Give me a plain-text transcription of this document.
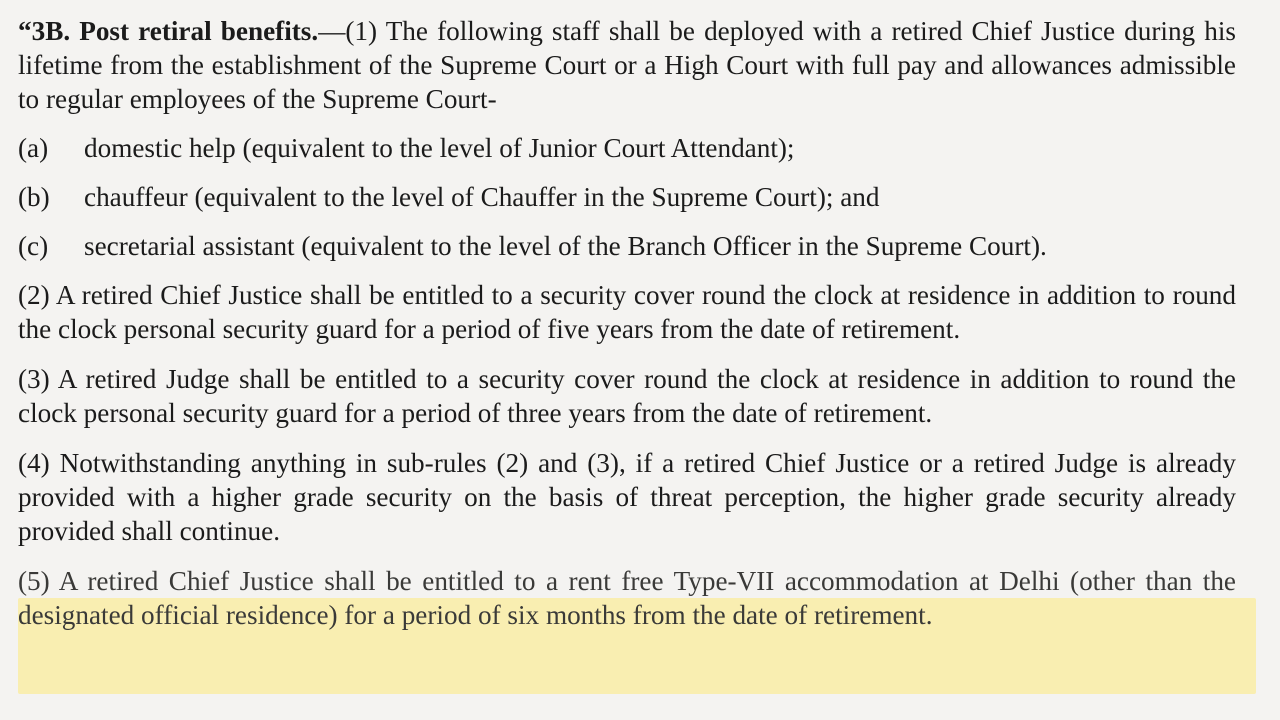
“3B. Post retiral benefits.—(1) The following staff shall be deployed with a retired Chief Justice during his lifetime from the establishment of the Supreme Court or a High Court with full pay and allowances admissible to regular employees of the Supreme Court-

(a)	domestic help (equivalent to the level of Junior Court Attendant);
(b)	chauffeur (equivalent to the level of Chauffer in the Supreme Court); and
(c)	secretarial assistant (equivalent to the level of the Branch Officer in the Supreme Court).

(2) A retired Chief Justice shall be entitled to a security cover round the clock at residence in addition to round the clock personal security guard for a period of five years from the date of retirement.

(3) A retired Judge shall be entitled to a security cover round the clock at residence in addition to round the clock personal security guard for a period of three years from the date of retirement.

(4) Notwithstanding anything in sub-rules (2) and (3), if a retired Chief Justice or a retired Judge is already provided with a higher grade security on the basis of threat perception, the higher grade security already provided shall continue.

(5) A retired Chief Justice shall be entitled to a rent free Type-VII accommodation at Delhi (other than the designated official residence) for a period of six months from the date of retirement.
